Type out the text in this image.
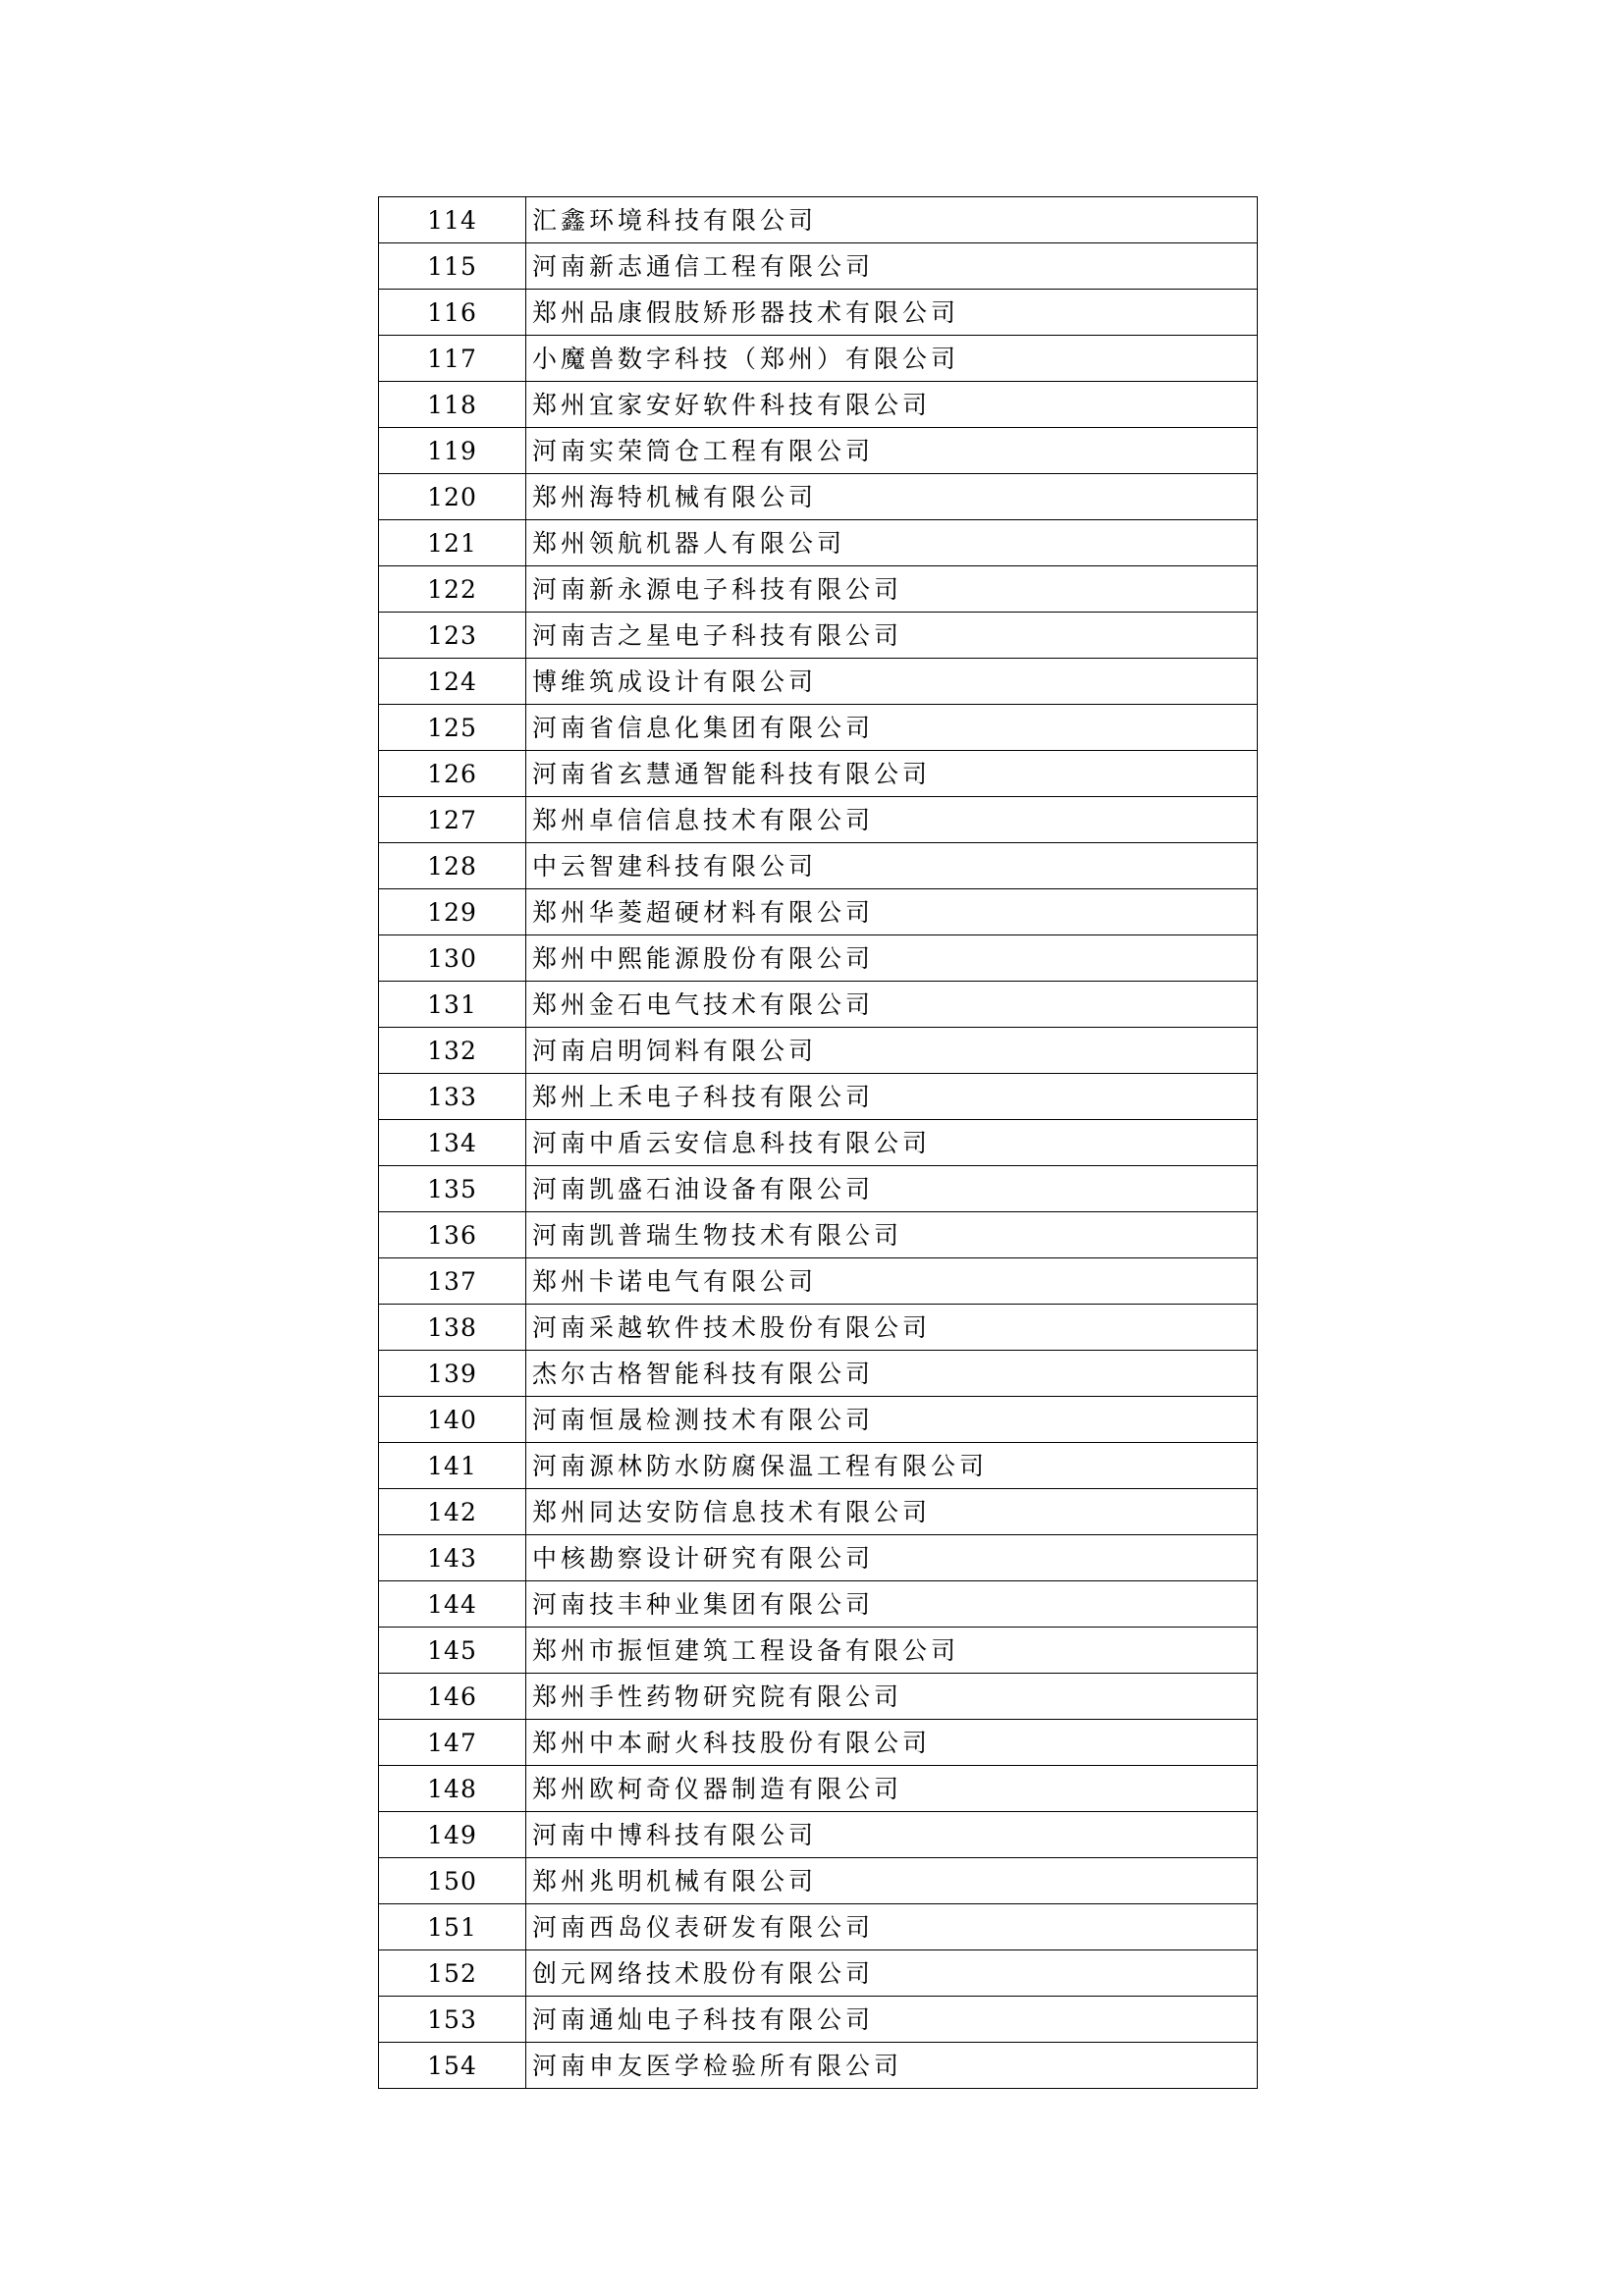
114	汇鑫环境科技有限公司
115	河南新志通信工程有限公司
116	郑州品康假肢矫形器技术有限公司
117	小魔兽数字科技（郑州）有限公司
118	郑州宜家安好软件科技有限公司
119	河南实荣筒仓工程有限公司
120	郑州海特机械有限公司
121	郑州领航机器人有限公司
122	河南新永源电子科技有限公司
123	河南吉之星电子科技有限公司
124	博维筑成设计有限公司
125	河南省信息化集团有限公司
126	河南省玄慧通智能科技有限公司
127	郑州卓信信息技术有限公司
128	中云智建科技有限公司
129	郑州华菱超硬材料有限公司
130	郑州中熙能源股份有限公司
131	郑州金石电气技术有限公司
132	河南启明饲料有限公司
133	郑州上禾电子科技有限公司
134	河南中盾云安信息科技有限公司
135	河南凯盛石油设备有限公司
136	河南凯普瑞生物技术有限公司
137	郑州卡诺电气有限公司
138	河南采越软件技术股份有限公司
139	杰尔古格智能科技有限公司
140	河南恒晟检测技术有限公司
141	河南源林防水防腐保温工程有限公司
142	郑州同达安防信息技术有限公司
143	中核勘察设计研究有限公司
144	河南技丰种业集团有限公司
145	郑州市振恒建筑工程设备有限公司
146	郑州手性药物研究院有限公司
147	郑州中本耐火科技股份有限公司
148	郑州欧柯奇仪器制造有限公司
149	河南中博科技有限公司
150	郑州兆明机械有限公司
151	河南西岛仪表研发有限公司
152	创元网络技术股份有限公司
153	河南通灿电子科技有限公司
154	河南申友医学检验所有限公司
